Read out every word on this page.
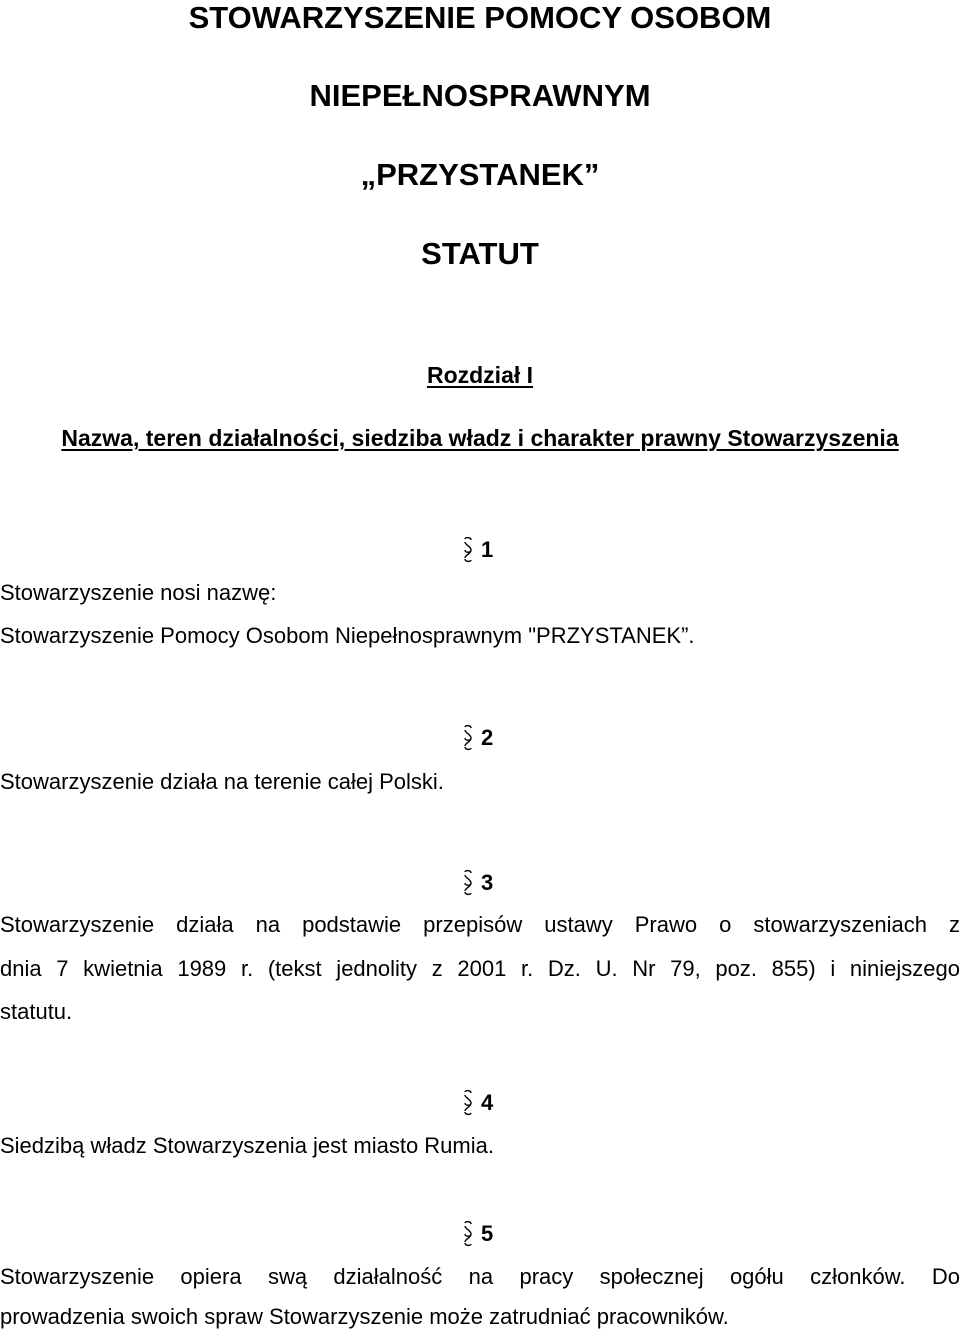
STOWARZYSZENIE POMOCY OSOBOM
NIEPEŁNOSPRAWNYM
„PRZYSTANEK”
STATUT
Rozdział I
Nazwa, teren działalności, siedziba władz i charakter prawny Stowarzyszenia
1
Stowarzyszenie nosi nazwę:
Stowarzyszenie Pomocy Osobom Niepełnosprawnym "PRZYSTANEK”.
2
Stowarzyszenie działa na terenie całej Polski.
3
Stowarzyszenie działa na podstawie przepisów ustawy Prawo o stowarzyszeniach z
dnia 7 kwietnia 1989 r. (tekst jednolity z 2001 r. Dz. U. Nr 79, poz. 855) i niniejszego
statutu.
4
Siedzibą władz Stowarzyszenia jest miasto Rumia.
5
Stowarzyszenie opiera swą działalność na pracy społecznej ogółu członków. Do
prowadzenia swoich spraw Stowarzyszenie może zatrudniać pracowników.
